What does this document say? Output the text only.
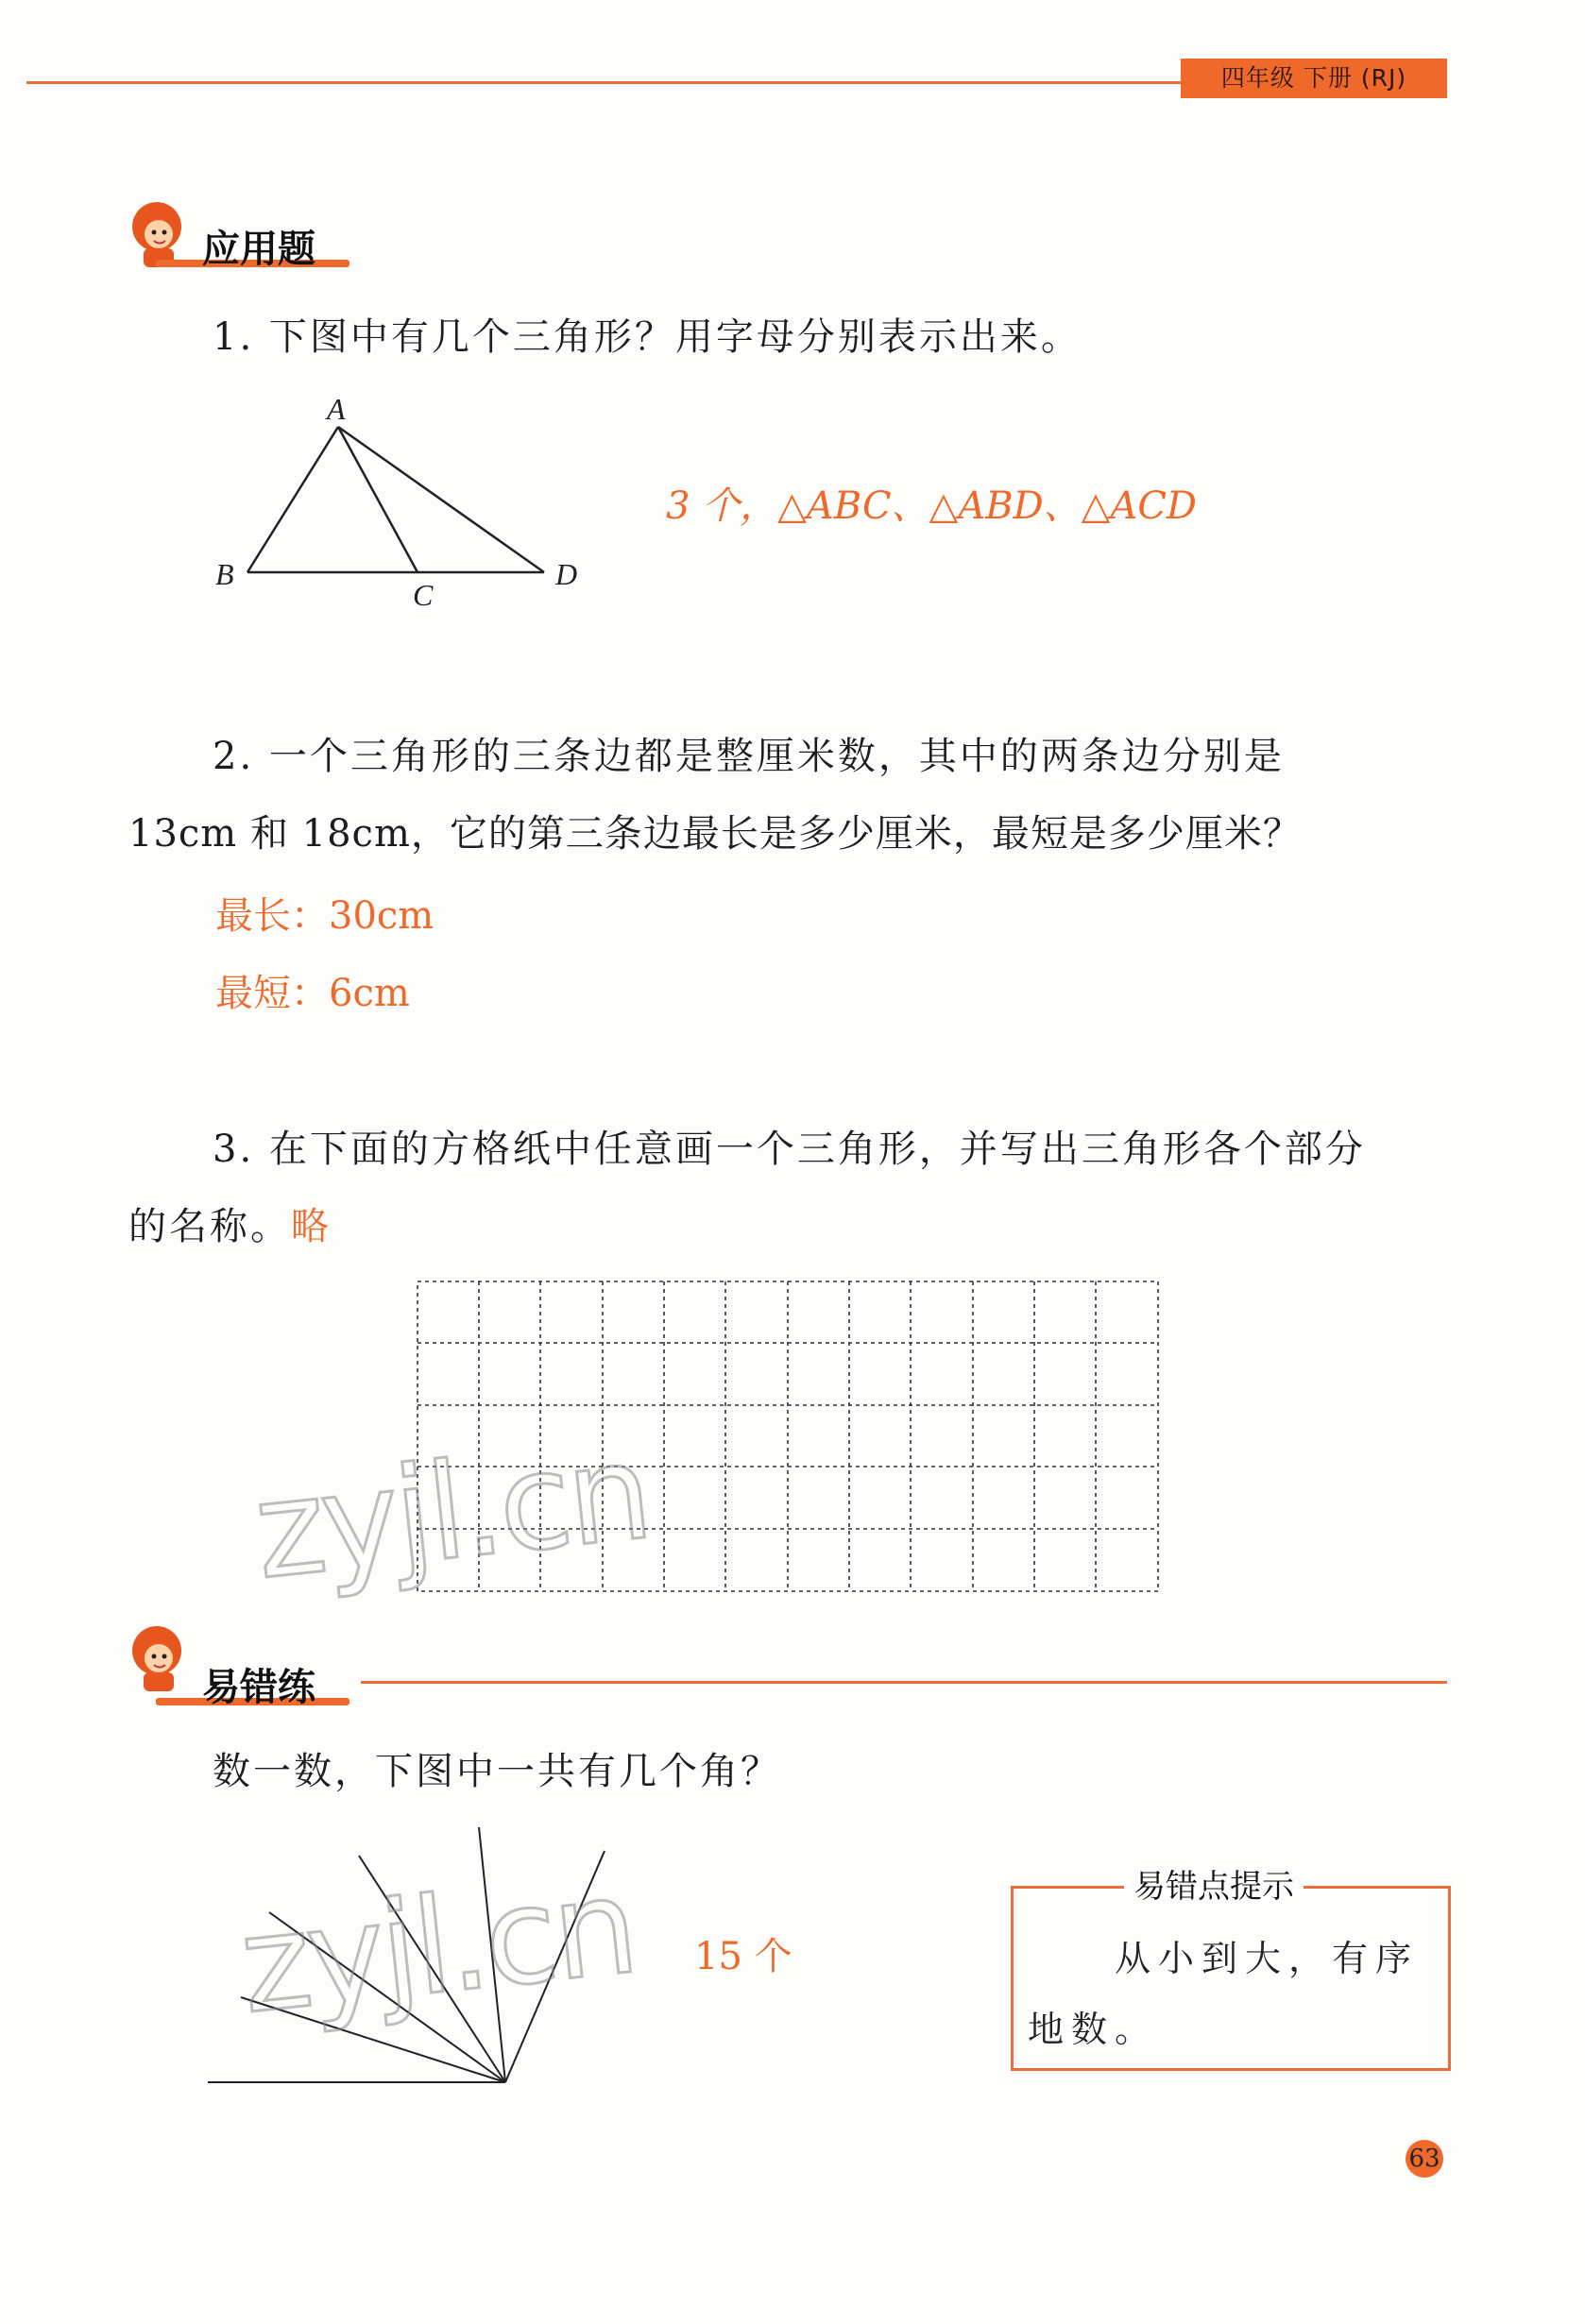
四年级 下册 (RJ)
应用题
1. 下图中有几个三角形？用字母分别表示出来。
A
B
C
D
3 个，△ABC、△ABD、△ACD
2. 一个三角形的三条边都是整厘米数，其中的两条边分别是
13cm 和 18cm，它的第三条边最长是多少厘米，最短是多少厘米？
最长：30cm
最短：6cm
3. 在下面的方格纸中任意画一个三角形，并写出三角形各个部分
的名称。略
zyjl.cn
易错练
数一数，下图中一共有几个角？
zyjl.cn 15 个
易错点提示
从小到大，有序
地数。
63
